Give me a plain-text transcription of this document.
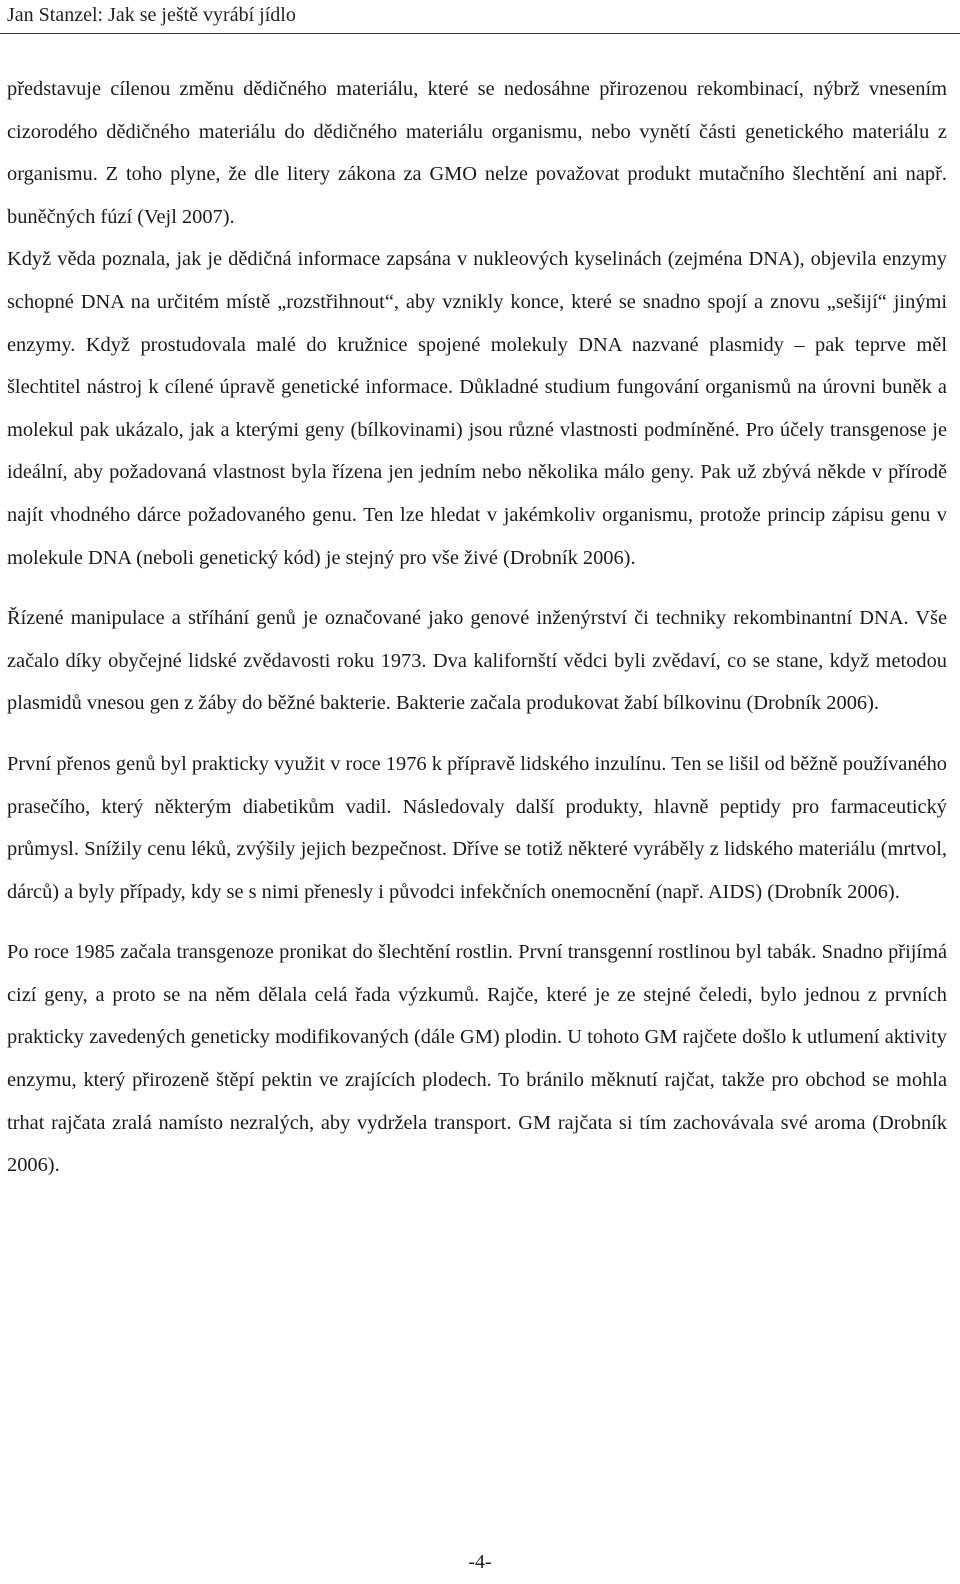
Jan Stanzel: Jak se ještě vyrábí jídlo

představuje cílenou změnu dědičného materiálu, které se nedosáhne přirozenou rekombinací, nýbrž vnesením cizorodého dědičného materiálu do dědičného materiálu organismu, nebo vynětí části genetického materiálu z organismu. Z toho plyne, že dle litery zákona za GMO nelze považovat produkt mutačního šlechtění ani např. buněčných fúzí (Vejl 2007).

Když věda poznala, jak je dědičná informace zapsána v nukleových kyselinách (zejména DNA), objevila enzymy schopné DNA na určitém místě „rozstřihnout“, aby vznikly konce, které se snadno spojí a znovu „sešijí“ jinými enzymy. Když prostudovala malé do kružnice spojené molekuly DNA nazvané plasmidy – pak teprve měl šlechtitel nástroj k cílené úpravě genetické informace. Důkladné studium fungování organismů na úrovni buněk a molekul pak ukázalo, jak a kterými geny (bílkovinami) jsou různé vlastnosti podmíněné. Pro účely transgenose je ideální, aby požadovaná vlastnost byla řízena jen jedním nebo několika málo geny. Pak už zbývá někde v přírodě najít vhodného dárce požadovaného genu. Ten lze hledat v jakémkoliv organismu, protože princip zápisu genu v molekule DNA (neboli genetický kód) je stejný pro vše živé (Drobník 2006).

Řízené manipulace a stříhání genů je označované jako genové inženýrství či techniky rekombinantní DNA. Vše začalo díky obyčejné lidské zvědavosti roku 1973. Dva kalifornští vědci byli zvědaví, co se stane, když metodou plasmidů vnesou gen z žáby do běžné bakterie. Bakterie začala produkovat žabí bílkovinu (Drobník 2006).

První přenos genů byl prakticky využit v roce 1976 k přípravě lidského inzulínu. Ten se lišil od běžně používaného prasečího, který některým diabetikům vadil. Následovaly další produkty, hlavně peptidy pro farmaceutický průmysl. Snížily cenu léků, zvýšily jejich bezpečnost. Dříve se totiž některé vyráběly z lidského materiálu (mrtvol, dárců) a byly případy, kdy se s nimi přenesly i původci infekčních onemocnění (např. AIDS) (Drobník 2006).

Po roce 1985 začala transgenoze pronikat do šlechtění rostlin. První transgenní rostlinou byl tabák. Snadno přijímá cizí geny, a proto se na něm dělala celá řada výzkumů. Rajče, které je ze stejné čeledi, bylo jednou z prvních prakticky zavedených geneticky modifikovaných (dále GM) plodin. U tohoto GM rajčete došlo k utlumení aktivity enzymu, který přirozeně štěpí pektin ve zrajících plodech. To bránilo měknutí rajčat, takže pro obchod se mohla trhat rajčata zralá namísto nezralých, aby vydržela transport. GM rajčata si tím zachovávala své aroma (Drobník 2006).

-4-
